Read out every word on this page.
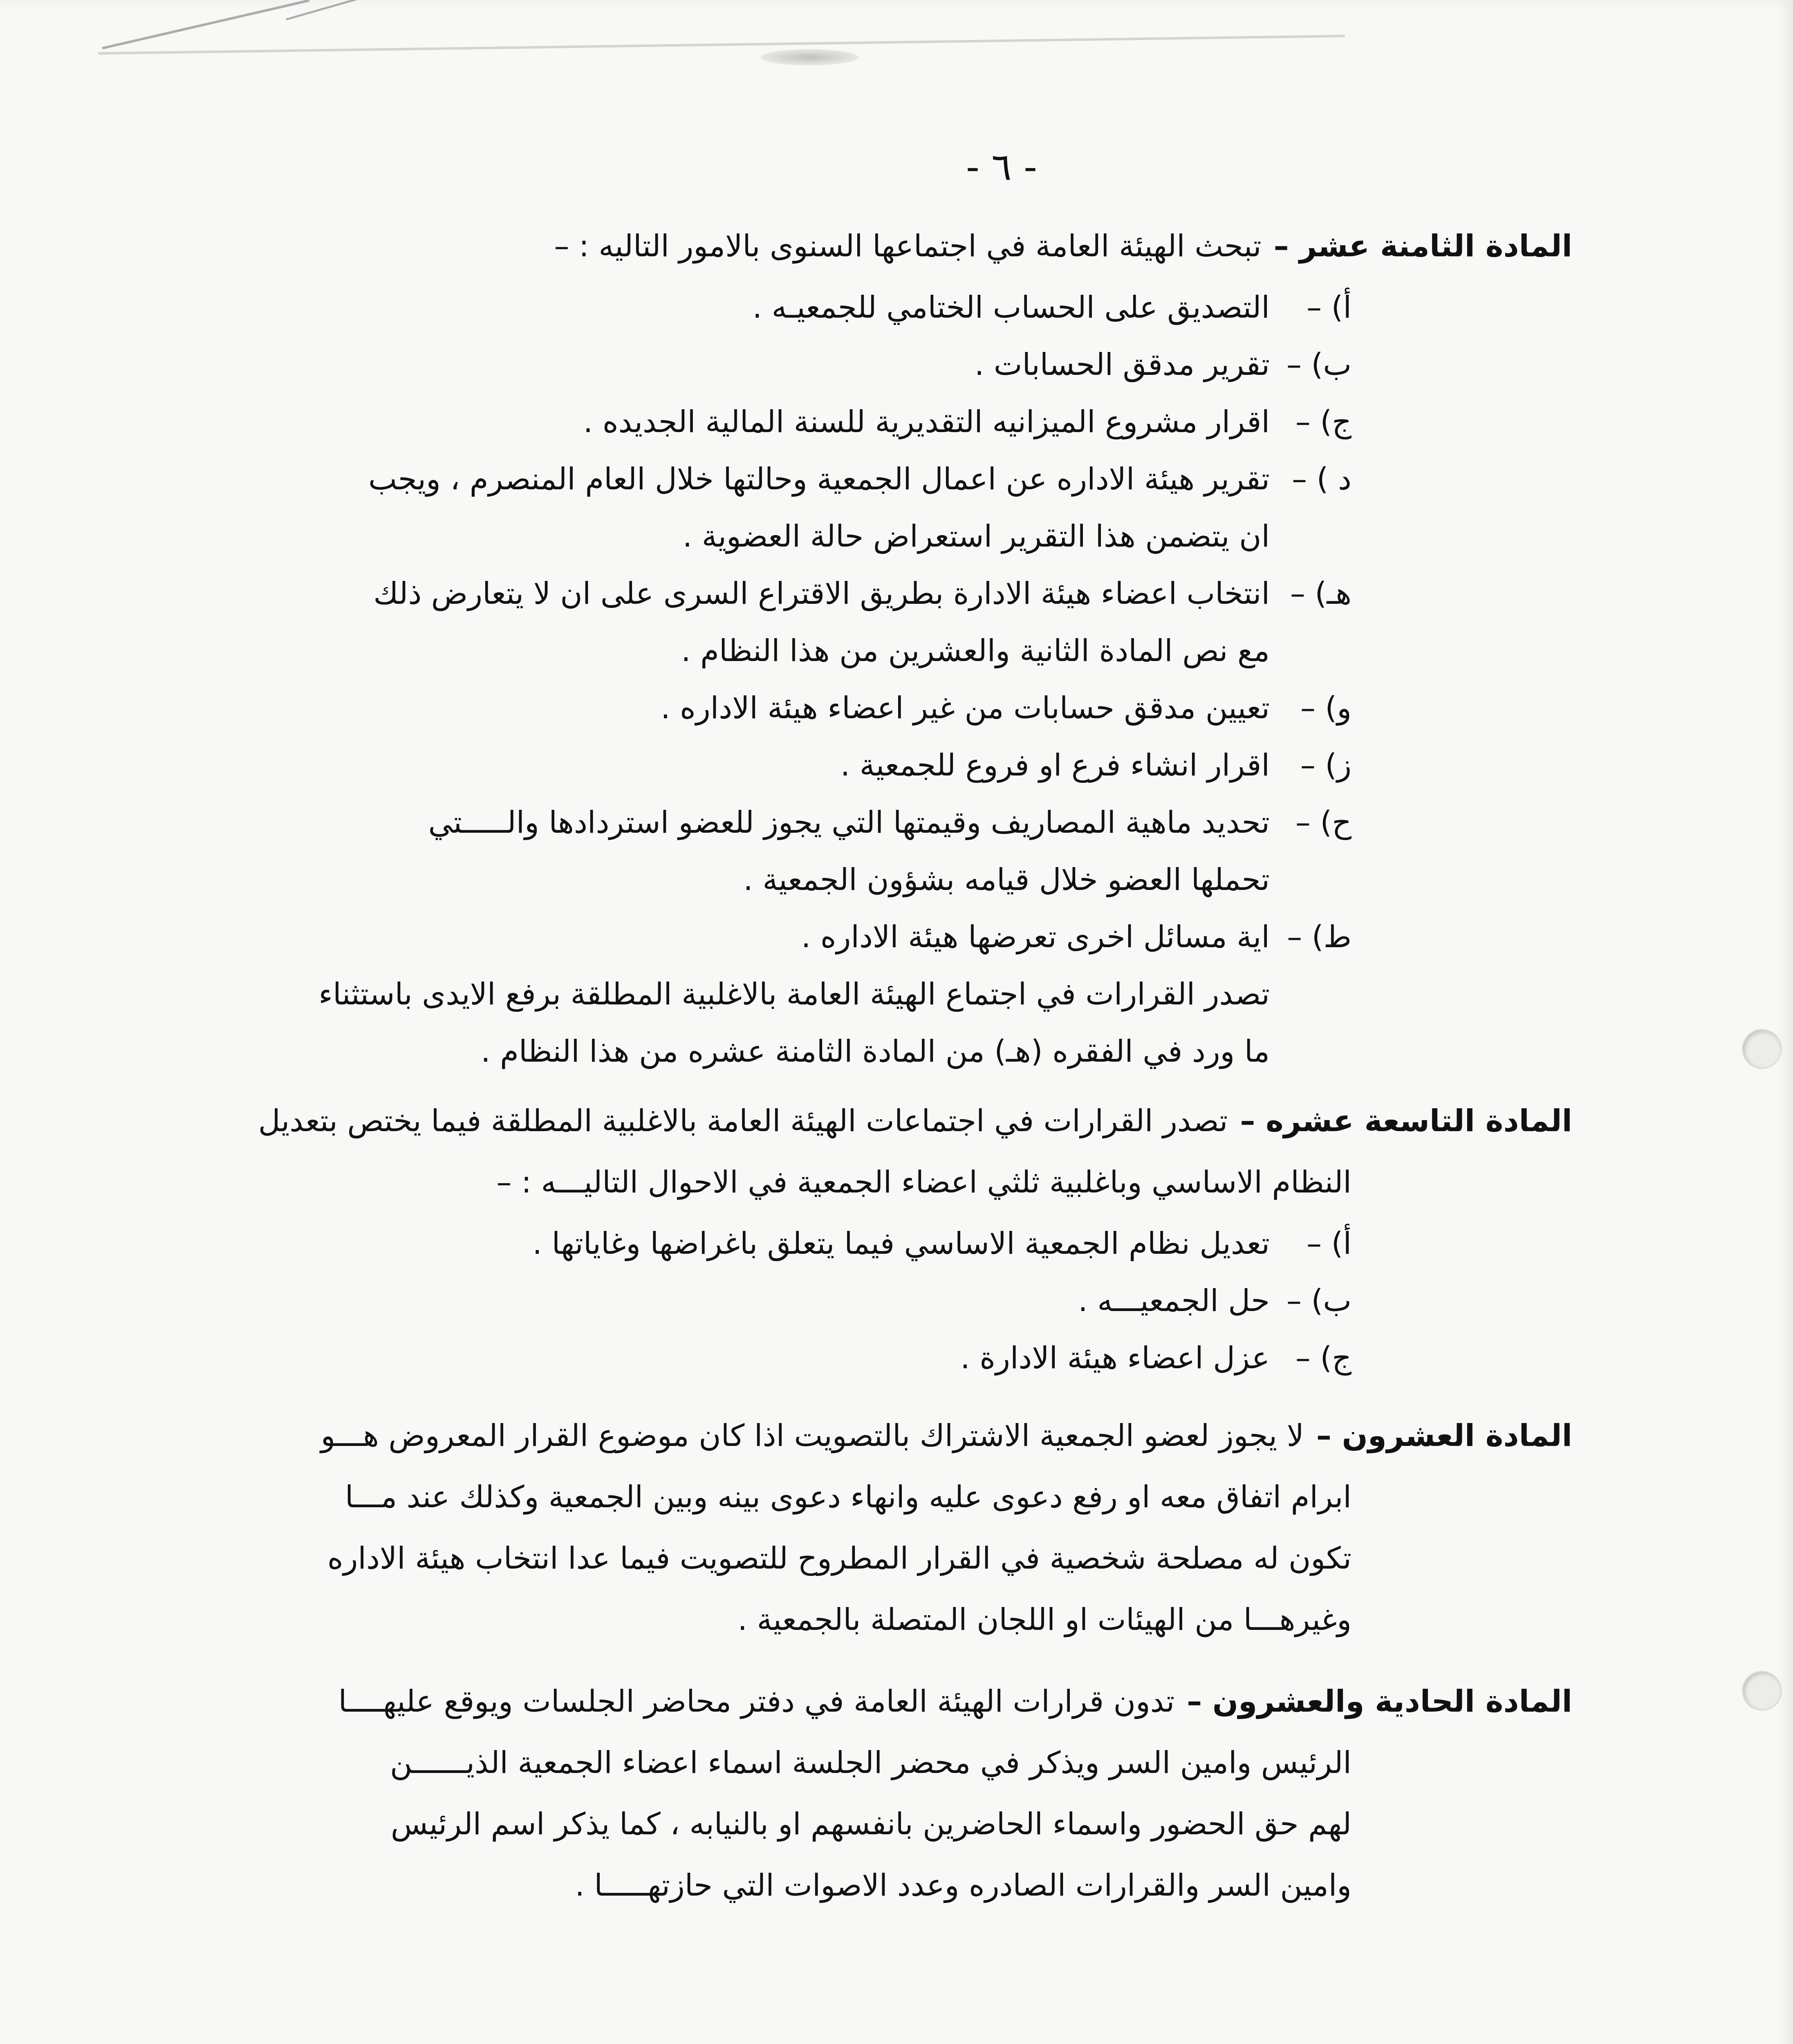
- ٦ -
المادة الثامنة عشر –
تبحث الهيئة العامة في اجتماعها السنوى بالامور التاليه : –
أ) –
التصديق على الحساب الختامي للجمعيـه .
ب) –
تقرير مدقق الحسابات .
ج) –
اقرار مشروع الميزانيه التقديرية للسنة المالية الجديده .
د ) –
تقرير هيئة الاداره عن اعمال الجمعية وحالتها خلال العام المنصرم ، ويجب
ان يتضمن هذا التقرير استعراض حالة العضوية .
هـ) –
انتخاب اعضاء هيئة الادارة بطريق الاقتراع السرى على ان لا يتعارض ذلك
مع نص المادة الثانية والعشرين من هذا النظام .
و) –
تعيين مدقق حسابات من غير اعضاء هيئة الاداره .
ز) –
اقرار انشاء فرع او فروع للجمعية .
ح) –
تحديد ماهية المصاريف وقيمتها التي يجوز للعضو استردادها والـــــتي
تحملها العضو خلال قيامه بشؤون الجمعية .
ط) –
اية مسائل اخرى تعرضها هيئة الاداره .
تصدر القرارات في اجتماع الهيئة العامة بالاغلبية المطلقة برفع الايدى باستثناء
ما ورد في الفقره (هـ) من المادة الثامنة عشره من هذا النظام .
المادة التاسعة عشره –
تصدر القرارات في اجتماعات الهيئة العامة بالاغلبية المطلقة فيما يختص بتعديل
النظام الاساسي وباغلبية ثلثي اعضاء الجمعية في الاحوال التاليـــه : –
أ) –
تعديل نظام الجمعية الاساسي فيما يتعلق باغراضها وغاياتها .
ب) –
حل الجمعيـــه .
ج) –
عزل اعضاء هيئة الادارة .
المادة العشرون –
لا يجوز لعضو الجمعية الاشتراك بالتصويت اذا كان موضوع القرار المعروض هـــو
ابرام اتفاق معه او رفع دعوى عليه وانهاء دعوى بينه وبين الجمعية وكذلك عند مـــا
تكون له مصلحة شخصية في القرار المطروح للتصويت فيما عدا انتخاب هيئة الاداره
وغيرهـــا من الهيئات او اللجان المتصلة بالجمعية .
المادة الحادية والعشرون –
تدون قرارات الهيئة العامة في دفتر محاضر الجلسات ويوقع عليهــــا
الرئيس وامين السر ويذكر في محضر الجلسة اسماء اعضاء الجمعية الذيــــــن
لهم حق الحضور واسماء الحاضرين بانفسهم او بالنيابه ، كما يذكر اسم الرئيس
وامين السر والقرارات الصادره وعدد الاصوات التي حازتهـــــا .
